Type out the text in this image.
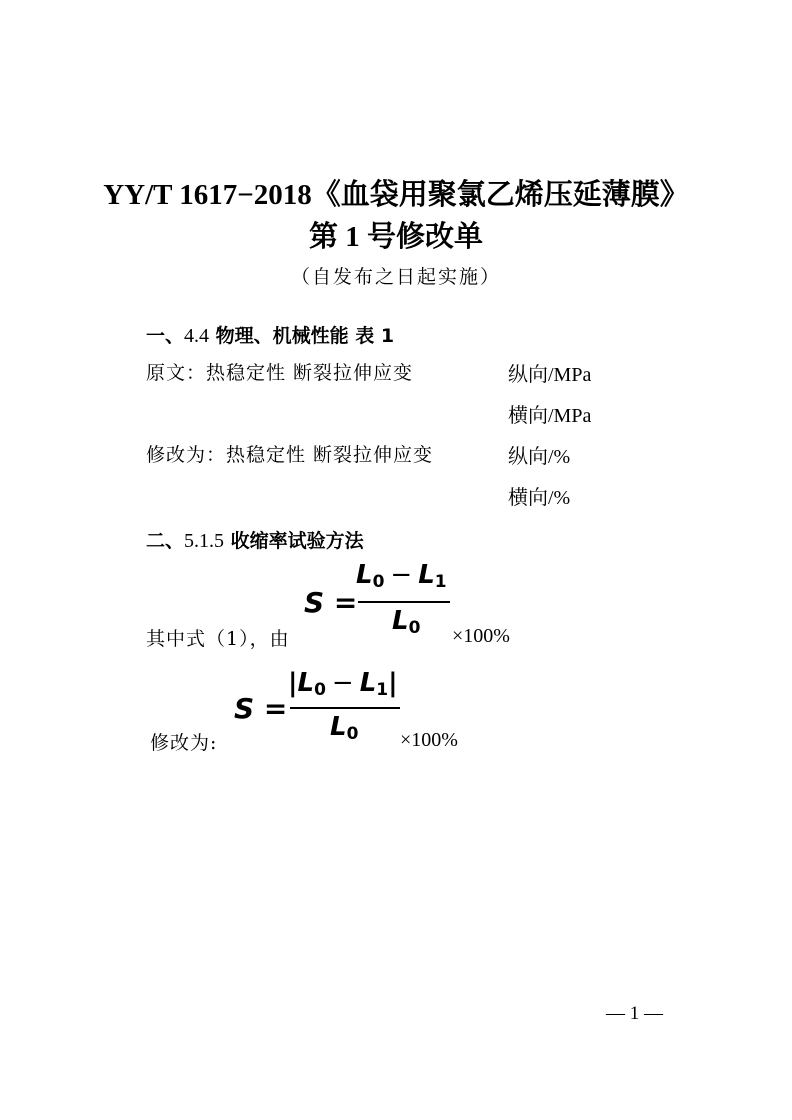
YY/T 1617−2018《血袋用聚氯乙烯压延薄膜》
第 1 号修改单
（自发布之日起实施）
一、4.4 物理、机械性能 表 1
原文：热稳定性 断裂拉伸应变	纵向/MPa
横向/MPa
修改为：热稳定性 断裂拉伸应变	纵向/%
横向/%
二、5.1.5 收缩率试验方法
其中式（1），由
S =
$L_0 - L_1$
$L_0 \times 100\%$
S =
$|L_0 - L_1|$
$L_0$
修改为:	×100%
— 1 —
